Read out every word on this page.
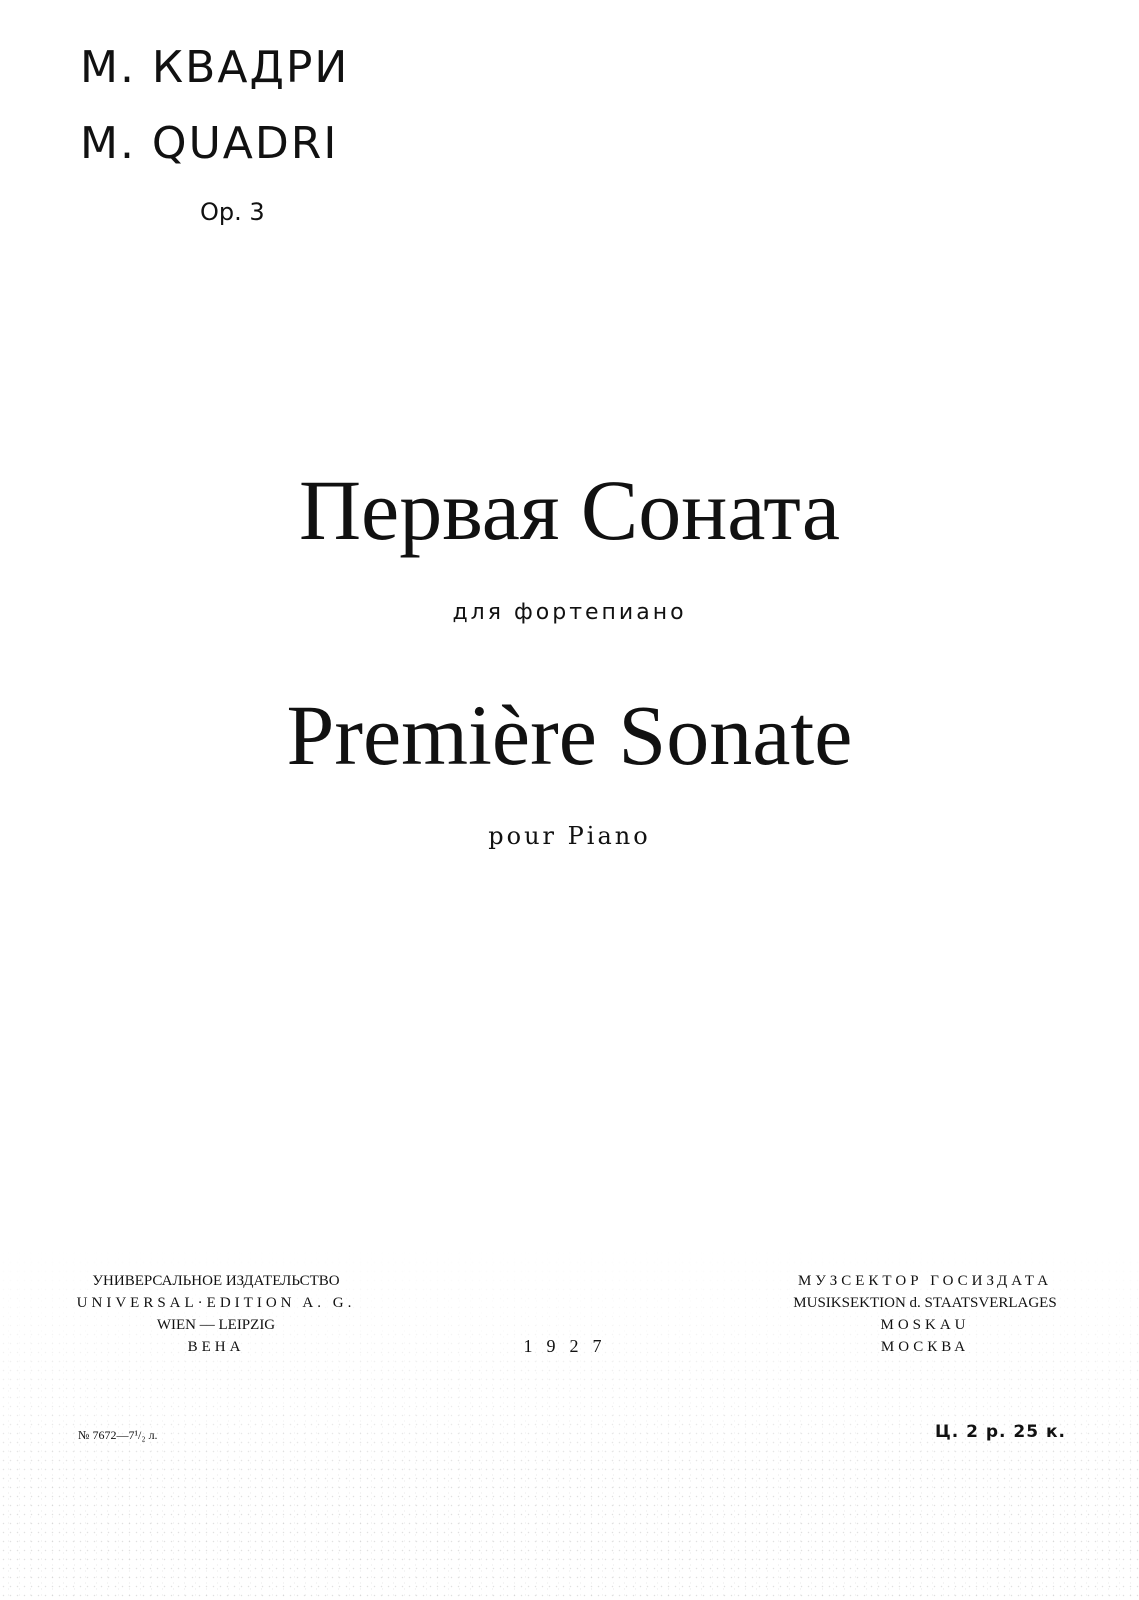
М. КВАДРИ
M. QUADRI
Op. 3
Первая Соната
для фортепиано
Première Sonate
pour Piano
УНИВЕРСАЛЬНОЕ ИЗДАТЕЛЬСТВО
UNIVERSAL·EDITION A. G.
WIEN — LEIPZIG
ВЕНА	1927
МУЗСЕКТОР ГОСИЗДАТА
MUSIKSEKTION d. STAATSVERLAGES
MOSKAU
МОСКВА
№ 7672—7¹/₂ л.	Ц. 2 р. 25 к.
